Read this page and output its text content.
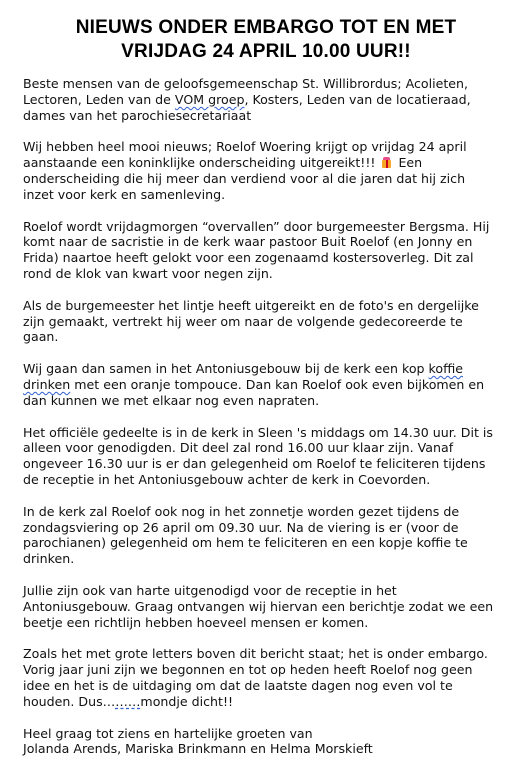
NIEUWS ONDER EMBARGO TOT EN MET
VRIJDAG 24 APRIL 10.00 UUR!!
Beste mensen van de geloofsgemeenschap St. Willibrordus; Acolieten,
Lectoren, Leden van de VOM groep, Kosters, Leden van de locatieraad,
dames van het parochiesecretariaat
Wij hebben heel mooi nieuws; Roelof Woering krijgt op vrijdag 24 april
aanstaande een koninklijke onderscheiding uitgereikt!!!
Een
onderscheiding die hij meer dan verdiend voor al die jaren dat hij zich
inzet voor kerk en samenleving.
Roelof wordt vrijdagmorgen “overvallen” door burgemeester Bergsma. Hij
komt naar de sacristie in de kerk waar pastoor Buit Roelof (en Jonny en
Frida) naartoe heeft gelokt voor een zogenaamd kostersoverleg. Dit zal
rond de klok van kwart voor negen zijn.
Als de burgemeester het lintje heeft uitgereikt en de foto's en dergelijke
zijn gemaakt, vertrekt hij weer om naar de volgende gedecoreerde te
gaan.
Wij gaan dan samen in het Antoniusgebouw bij de kerk een kop koffie
drinken met een oranje tompouce. Dan kan Roelof ook even bijkomen en
dan kunnen we met elkaar nog even napraten.
Het officiële gedeelte is in de kerk in Sleen 's middags om 14.30 uur. Dit is
alleen voor genodigden. Dit deel zal rond 16.00 uur klaar zijn. Vanaf
ongeveer 16.30 uur is er dan gelegenheid om Roelof te feliciteren tijdens
de receptie in het Antoniusgebouw achter de kerk in Coevorden.
In de kerk zal Roelof ook nog in het zonnetje worden gezet tijdens de
zondagsviering op 26 april om 09.30 uur. Na de viering is er (voor de
parochianen) gelegenheid om hem te feliciteren en een kopje koffie te
drinken.
Jullie zijn ook van harte uitgenodigd voor de receptie in het
Antoniusgebouw. Graag ontvangen wij hiervan een berichtje zodat we een
beetje een richtlijn hebben hoeveel mensen er komen.
Zoals het met grote letters boven dit bericht staat; het is onder embargo.
Vorig jaar juni zijn we begonnen en tot op heden heeft Roelof nog geen
idee en het is de uitdaging om dat de laatste dagen nog even vol te
houden. Dus………mondje dicht!!
Heel graag tot ziens en hartelijke groeten van
Jolanda Arends, Mariska Brinkmann en Helma Morskieft
